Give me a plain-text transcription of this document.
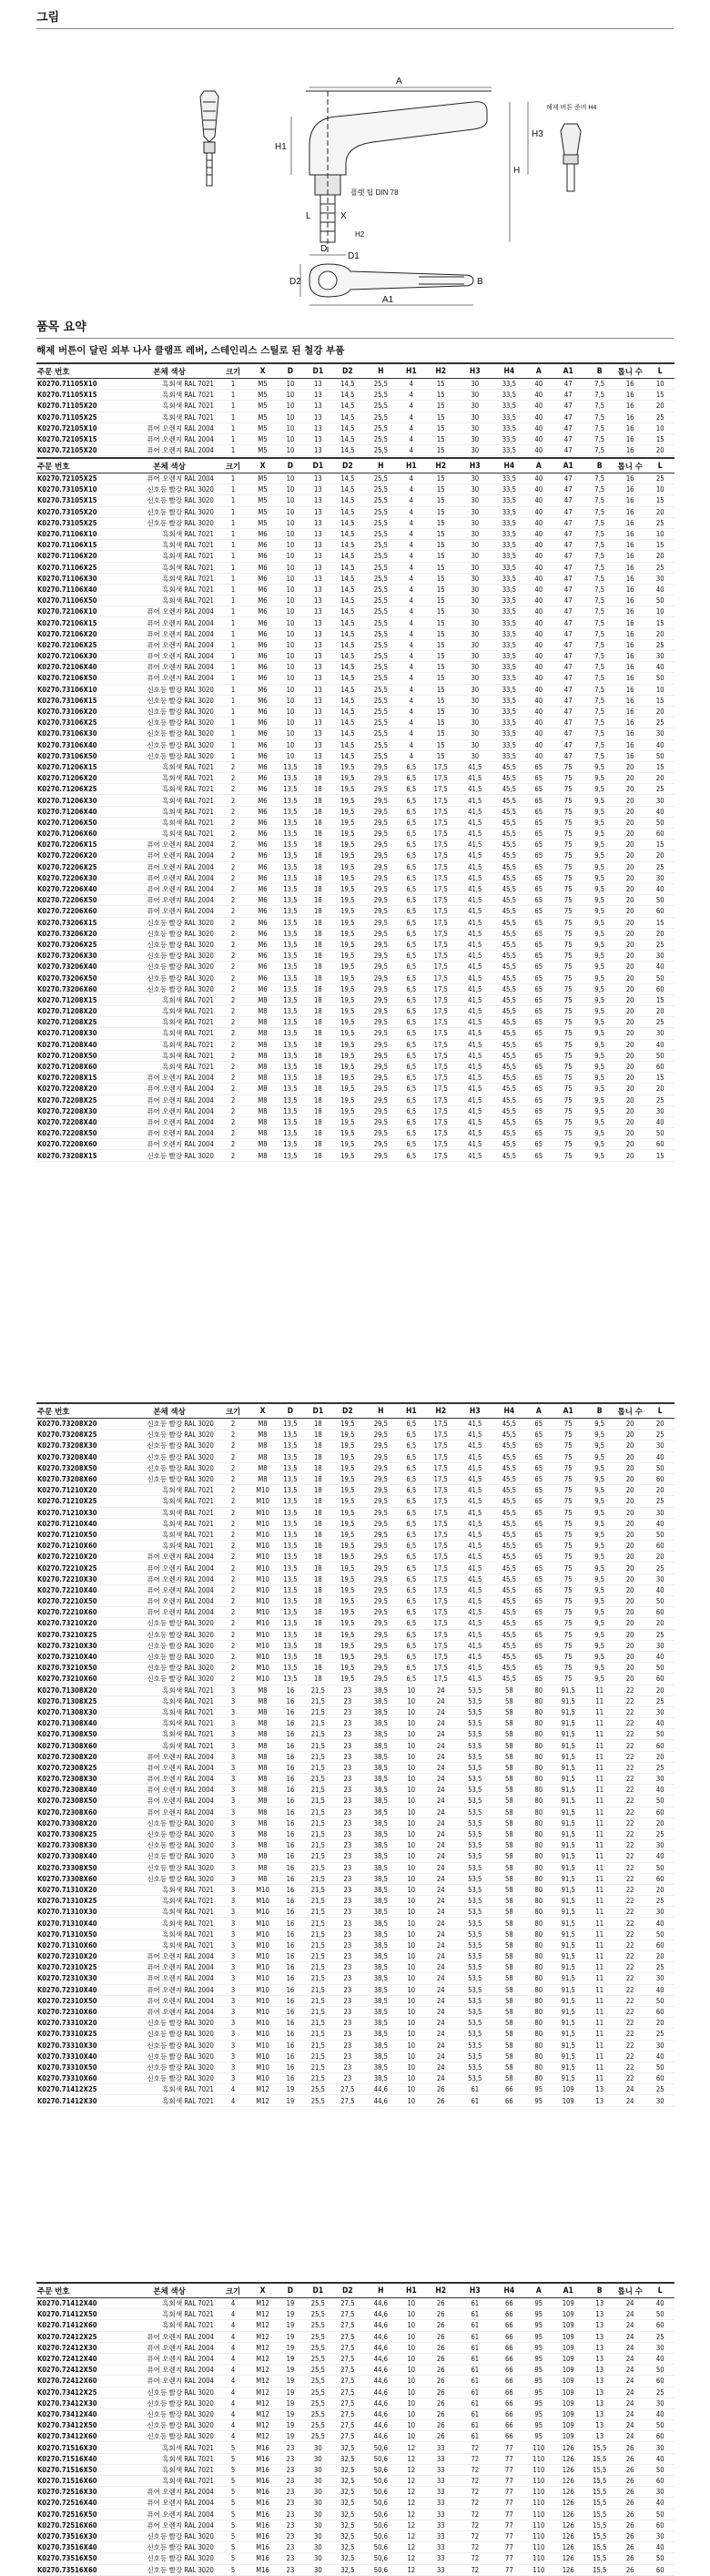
그림
A
H
H3
H1
L	X
D
D1
D2
A1
B
H2
해제 버튼 준비 H4
플랫 팁 DIN 78
품목 요약
해제 버튼이 달린 외부 나사 클램프 레버, 스테인리스 스틸로 된 철강 부품
주문 번호	본체 색상	크기	X	D	D1	D2	H	H1	H2	H3	H4	A	A1	B	톱니 수	L
K0270.71105X10	흑회색 RAL 7021	1	M5	10	13	14,5	25,5	4	15	30	33,5	40	47	7,5	16	10
K0270.71105X15	흑회색 RAL 7021	1	M5	10	13	14,5	25,5	4	15	30	33,5	40	47	7,5	16	15
K0270.71105X20	흑회색 RAL 7021	1	M5	10	13	14,5	25,5	4	15	30	33,5	40	47	7,5	16	20
K0270.71105X25	흑회색 RAL 7021	1	M5	10	13	14,5	25,5	4	15	30	33,5	40	47	7,5	16	25
K0270.72105X10	퓨어 오렌지 RAL 2004	1	M5	10	13	14,5	25,5	4	15	30	33,5	40	47	7,5	16	10
K0270.72105X15	퓨어 오렌지 RAL 2004	1	M5	10	13	14,5	25,5	4	15	30	33,5	40	47	7,5	16	15
K0270.72105X20	퓨어 오렌지 RAL 2004	1	M5	10	13	14,5	25,5	4	15	30	33,5	40	47	7,5	16	20
주문 번호	본체 색상	크기	X	D	D1	D2	H	H1	H2	H3	H4	A	A1	B	톱니 수	L
K0270.72105X25	퓨어 오렌지 RAL 2004	1	M5	10	13	14,5	25,5	4	15	30	33,5	40	47	7,5	16	25
K0270.73105X10	신호등 빨강 RAL 3020	1	M5	10	13	14,5	25,5	4	15	30	33,5	40	47	7,5	16	10
K0270.73105X15	신호등 빨강 RAL 3020	1	M5	10	13	14,5	25,5	4	15	30	33,5	40	47	7,5	16	15
K0270.73105X20	신호등 빨강 RAL 3020	1	M5	10	13	14,5	25,5	4	15	30	33,5	40	47	7,5	16	20
K0270.73105X25	신호등 빨강 RAL 3020	1	M5	10	13	14,5	25,5	4	15	30	33,5	40	47	7,5	16	25
K0270.71106X10	흑회색 RAL 7021	1	M6	10	13	14,5	25,5	4	15	30	33,5	40	47	7,5	16	10
K0270.71106X15	흑회색 RAL 7021	1	M6	10	13	14,5	25,5	4	15	30	33,5	40	47	7,5	16	15
K0270.71106X20	흑회색 RAL 7021	1	M6	10	13	14,5	25,5	4	15	30	33,5	40	47	7,5	16	20
K0270.71106X25	흑회색 RAL 7021	1	M6	10	13	14,5	25,5	4	15	30	33,5	40	47	7,5	16	25
K0270.71106X30	흑회색 RAL 7021	1	M6	10	13	14,5	25,5	4	15	30	33,5	40	47	7,5	16	30
K0270.71106X40	흑회색 RAL 7021	1	M6	10	13	14,5	25,5	4	15	30	33,5	40	47	7,5	16	40
K0270.71106X50	흑회색 RAL 7021	1	M6	10	13	14,5	25,5	4	15	30	33,5	40	47	7,5	16	50
K0270.72106X10	퓨어 오렌지 RAL 2004	1	M6	10	13	14,5	25,5	4	15	30	33,5	40	47	7,5	16	10
K0270.72106X15	퓨어 오렌지 RAL 2004	1	M6	10	13	14,5	25,5	4	15	30	33,5	40	47	7,5	16	15
K0270.72106X20	퓨어 오렌지 RAL 2004	1	M6	10	13	14,5	25,5	4	15	30	33,5	40	47	7,5	16	20
K0270.72106X25	퓨어 오렌지 RAL 2004	1	M6	10	13	14,5	25,5	4	15	30	33,5	40	47	7,5	16	25
K0270.72106X30	퓨어 오렌지 RAL 2004	1	M6	10	13	14,5	25,5	4	15	30	33,5	40	47	7,5	16	30
K0270.72106X40	퓨어 오렌지 RAL 2004	1	M6	10	13	14,5	25,5	4	15	30	33,5	40	47	7,5	16	40
K0270.72106X50	퓨어 오렌지 RAL 2004	1	M6	10	13	14,5	25,5	4	15	30	33,5	40	47	7,5	16	50
K0270.73106X10	신호등 빨강 RAL 3020	1	M6	10	13	14,5	25,5	4	15	30	33,5	40	47	7,5	16	10
K0270.73106X15	신호등 빨강 RAL 3020	1	M6	10	13	14,5	25,5	4	15	30	33,5	40	47	7,5	16	15
K0270.73106X20	신호등 빨강 RAL 3020	1	M6	10	13	14,5	25,5	4	15	30	33,5	40	47	7,5	16	20
K0270.73106X25	신호등 빨강 RAL 3020	1	M6	10	13	14,5	25,5	4	15	30	33,5	40	47	7,5	16	25
K0270.73106X30	신호등 빨강 RAL 3020	1	M6	10	13	14,5	25,5	4	15	30	33,5	40	47	7,5	16	30
K0270.73106X40	신호등 빨강 RAL 3020	1	M6	10	13	14,5	25,5	4	15	30	33,5	40	47	7,5	16	40
K0270.73106X50	신호등 빨강 RAL 3020	1	M6	10	13	14,5	25,5	4	15	30	33,5	40	47	7,5	16	50
K0270.71206X15	흑회색 RAL 7021	2	M6	13,5	18	19,5	29,5	6,5	17,5	41,5	45,5	65	75	9,5	20	15
K0270.71206X20	흑회색 RAL 7021	2	M6	13,5	18	19,5	29,5	6,5	17,5	41,5	45,5	65	75	9,5	20	20
K0270.71206X25	흑회색 RAL 7021	2	M6	13,5	18	19,5	29,5	6,5	17,5	41,5	45,5	65	75	9,5	20	25
K0270.71206X30	흑회색 RAL 7021	2	M6	13,5	18	19,5	29,5	6,5	17,5	41,5	45,5	65	75	9,5	20	30
K0270.71206X40	흑회색 RAL 7021	2	M6	13,5	18	19,5	29,5	6,5	17,5	41,5	45,5	65	75	9,5	20	40
K0270.71206X50	흑회색 RAL 7021	2	M6	13,5	18	19,5	29,5	6,5	17,5	41,5	45,5	65	75	9,5	20	50
K0270.71206X60	흑회색 RAL 7021	2	M6	13,5	18	19,5	29,5	6,5	17,5	41,5	45,5	65	75	9,5	20	60
K0270.72206X15	퓨어 오렌지 RAL 2004	2	M6	13,5	18	19,5	29,5	6,5	17,5	41,5	45,5	65	75	9,5	20	15
K0270.72206X20	퓨어 오렌지 RAL 2004	2	M6	13,5	18	19,5	29,5	6,5	17,5	41,5	45,5	65	75	9,5	20	20
K0270.72206X25	퓨어 오렌지 RAL 2004	2	M6	13,5	18	19,5	29,5	6,5	17,5	41,5	45,5	65	75	9,5	20	25
K0270.72206X30	퓨어 오렌지 RAL 2004	2	M6	13,5	18	19,5	29,5	6,5	17,5	41,5	45,5	65	75	9,5	20	30
K0270.72206X40	퓨어 오렌지 RAL 2004	2	M6	13,5	18	19,5	29,5	6,5	17,5	41,5	45,5	65	75	9,5	20	40
K0270.72206X50	퓨어 오렌지 RAL 2004	2	M6	13,5	18	19,5	29,5	6,5	17,5	41,5	45,5	65	75	9,5	20	50
K0270.72206X60	퓨어 오렌지 RAL 2004	2	M6	13,5	18	19,5	29,5	6,5	17,5	41,5	45,5	65	75	9,5	20	60
K0270.73206X15	신호등 빨강 RAL 3020	2	M6	13,5	18	19,5	29,5	6,5	17,5	41,5	45,5	65	75	9,5	20	15
K0270.73206X20	신호등 빨강 RAL 3020	2	M6	13,5	18	19,5	29,5	6,5	17,5	41,5	45,5	65	75	9,5	20	20
K0270.73206X25	신호등 빨강 RAL 3020	2	M6	13,5	18	19,5	29,5	6,5	17,5	41,5	45,5	65	75	9,5	20	25
K0270.73206X30	신호등 빨강 RAL 3020	2	M6	13,5	18	19,5	29,5	6,5	17,5	41,5	45,5	65	75	9,5	20	30
K0270.73206X40	신호등 빨강 RAL 3020	2	M6	13,5	18	19,5	29,5	6,5	17,5	41,5	45,5	65	75	9,5	20	40
K0270.73206X50	신호등 빨강 RAL 3020	2	M6	13,5	18	19,5	29,5	6,5	17,5	41,5	45,5	65	75	9,5	20	50
K0270.73206X60	신호등 빨강 RAL 3020	2	M6	13,5	18	19,5	29,5	6,5	17,5	41,5	45,5	65	75	9,5	20	60
K0270.71208X15	흑회색 RAL 7021	2	M8	13,5	18	19,5	29,5	6,5	17,5	41,5	45,5	65	75	9,5	20	15
K0270.71208X20	흑회색 RAL 7021	2	M8	13,5	18	19,5	29,5	6,5	17,5	41,5	45,5	65	75	9,5	20	20
K0270.71208X25	흑회색 RAL 7021	2	M8	13,5	18	19,5	29,5	6,5	17,5	41,5	45,5	65	75	9,5	20	25
K0270.71208X30	흑회색 RAL 7021	2	M8	13,5	18	19,5	29,5	6,5	17,5	41,5	45,5	65	75	9,5	20	30
K0270.71208X40	흑회색 RAL 7021	2	M8	13,5	18	19,5	29,5	6,5	17,5	41,5	45,5	65	75	9,5	20	40
K0270.71208X50	흑회색 RAL 7021	2	M8	13,5	18	19,5	29,5	6,5	17,5	41,5	45,5	65	75	9,5	20	50
K0270.71208X60	흑회색 RAL 7021	2	M8	13,5	18	19,5	29,5	6,5	17,5	41,5	45,5	65	75	9,5	20	60
K0270.72208X15	퓨어 오렌지 RAL 2004	2	M8	13,5	18	19,5	29,5	6,5	17,5	41,5	45,5	65	75	9,5	20	15
K0270.72208X20	퓨어 오렌지 RAL 2004	2	M8	13,5	18	19,5	29,5	6,5	17,5	41,5	45,5	65	75	9,5	20	20
K0270.72208X25	퓨어 오렌지 RAL 2004	2	M8	13,5	18	19,5	29,5	6,5	17,5	41,5	45,5	65	75	9,5	20	25
K0270.72208X30	퓨어 오렌지 RAL 2004	2	M8	13,5	18	19,5	29,5	6,5	17,5	41,5	45,5	65	75	9,5	20	30
K0270.72208X40	퓨어 오렌지 RAL 2004	2	M8	13,5	18	19,5	29,5	6,5	17,5	41,5	45,5	65	75	9,5	20	40
K0270.72208X50	퓨어 오렌지 RAL 2004	2	M8	13,5	18	19,5	29,5	6,5	17,5	41,5	45,5	65	75	9,5	20	50
K0270.72208X60	퓨어 오렌지 RAL 2004	2	M8	13,5	18	19,5	29,5	6,5	17,5	41,5	45,5	65	75	9,5	20	60
K0270.73208X15	신호등 빨강 RAL 3020	2	M8	13,5	18	19,5	29,5	6,5	17,5	41,5	45,5	65	75	9,5	20	15
주문 번호	본체 색상	크기	X	D	D1	D2	H	H1	H2	H3	H4	A	A1	B	톱니 수	L
K0270.73208X20	신호등 빨강 RAL 3020	2	M8	13,5	18	19,5	29,5	6,5	17,5	41,5	45,5	65	75	9,5	20	20
K0270.73208X25	신호등 빨강 RAL 3020	2	M8	13,5	18	19,5	29,5	6,5	17,5	41,5	45,5	65	75	9,5	20	25
K0270.73208X30	신호등 빨강 RAL 3020	2	M8	13,5	18	19,5	29,5	6,5	17,5	41,5	45,5	65	75	9,5	20	30
K0270.73208X40	신호등 빨강 RAL 3020	2	M8	13,5	18	19,5	29,5	6,5	17,5	41,5	45,5	65	75	9,5	20	40
K0270.73208X50	신호등 빨강 RAL 3020	2	M8	13,5	18	19,5	29,5	6,5	17,5	41,5	45,5	65	75	9,5	20	50
K0270.73208X60	신호등 빨강 RAL 3020	2	M8	13,5	18	19,5	29,5	6,5	17,5	41,5	45,5	65	75	9,5	20	60
K0270.71210X20	흑회색 RAL 7021	2	M10	13,5	18	19,5	29,5	6,5	17,5	41,5	45,5	65	75	9,5	20	20
K0270.71210X25	흑회색 RAL 7021	2	M10	13,5	18	19,5	29,5	6,5	17,5	41,5	45,5	65	75	9,5	20	25
K0270.71210X30	흑회색 RAL 7021	2	M10	13,5	18	19,5	29,5	6,5	17,5	41,5	45,5	65	75	9,5	20	30
K0270.71210X40	흑회색 RAL 7021	2	M10	13,5	18	19,5	29,5	6,5	17,5	41,5	45,5	65	75	9,5	20	40
K0270.71210X50	흑회색 RAL 7021	2	M10	13,5	18	19,5	29,5	6,5	17,5	41,5	45,5	65	75	9,5	20	50
K0270.71210X60	흑회색 RAL 7021	2	M10	13,5	18	19,5	29,5	6,5	17,5	41,5	45,5	65	75	9,5	20	60
K0270.72210X20	퓨어 오렌지 RAL 2004	2	M10	13,5	18	19,5	29,5	6,5	17,5	41,5	45,5	65	75	9,5	20	20
K0270.72210X25	퓨어 오렌지 RAL 2004	2	M10	13,5	18	19,5	29,5	6,5	17,5	41,5	45,5	65	75	9,5	20	25
K0270.72210X30	퓨어 오렌지 RAL 2004	2	M10	13,5	18	19,5	29,5	6,5	17,5	41,5	45,5	65	75	9,5	20	30
K0270.72210X40	퓨어 오렌지 RAL 2004	2	M10	13,5	18	19,5	29,5	6,5	17,5	41,5	45,5	65	75	9,5	20	40
K0270.72210X50	퓨어 오렌지 RAL 2004	2	M10	13,5	18	19,5	29,5	6,5	17,5	41,5	45,5	65	75	9,5	20	50
K0270.72210X60	퓨어 오렌지 RAL 2004	2	M10	13,5	18	19,5	29,5	6,5	17,5	41,5	45,5	65	75	9,5	20	60
K0270.73210X20	신호등 빨강 RAL 3020	2	M10	13,5	18	19,5	29,5	6,5	17,5	41,5	45,5	65	75	9,5	20	20
K0270.73210X25	신호등 빨강 RAL 3020	2	M10	13,5	18	19,5	29,5	6,5	17,5	41,5	45,5	65	75	9,5	20	25
K0270.73210X30	신호등 빨강 RAL 3020	2	M10	13,5	18	19,5	29,5	6,5	17,5	41,5	45,5	65	75	9,5	20	30
K0270.73210X40	신호등 빨강 RAL 3020	2	M10	13,5	18	19,5	29,5	6,5	17,5	41,5	45,5	65	75	9,5	20	40
K0270.73210X50	신호등 빨강 RAL 3020	2	M10	13,5	18	19,5	29,5	6,5	17,5	41,5	45,5	65	75	9,5	20	50
K0270.73210X60	신호등 빨강 RAL 3020	2	M10	13,5	18	19,5	29,5	6,5	17,5	41,5	45,5	65	75	9,5	20	60
K0270.71308X20	흑회색 RAL 7021	3	M8	16	21,5	23	38,5	10	24	53,5	58	80	91,5	11	22	20
K0270.71308X25	흑회색 RAL 7021	3	M8	16	21,5	23	38,5	10	24	53,5	58	80	91,5	11	22	25
K0270.71308X30	흑회색 RAL 7021	3	M8	16	21,5	23	38,5	10	24	53,5	58	80	91,5	11	22	30
K0270.71308X40	흑회색 RAL 7021	3	M8	16	21,5	23	38,5	10	24	53,5	58	80	91,5	11	22	40
K0270.71308X50	흑회색 RAL 7021	3	M8	16	21,5	23	38,5	10	24	53,5	58	80	91,5	11	22	50
K0270.71308X60	흑회색 RAL 7021	3	M8	16	21,5	23	38,5	10	24	53,5	58	80	91,5	11	22	60
K0270.72308X20	퓨어 오렌지 RAL 2004	3	M8	16	21,5	23	38,5	10	24	53,5	58	80	91,5	11	22	20
K0270.72308X25	퓨어 오렌지 RAL 2004	3	M8	16	21,5	23	38,5	10	24	53,5	58	80	91,5	11	22	25
K0270.72308X30	퓨어 오렌지 RAL 2004	3	M8	16	21,5	23	38,5	10	24	53,5	58	80	91,5	11	22	30
K0270.72308X40	퓨어 오렌지 RAL 2004	3	M8	16	21,5	23	38,5	10	24	53,5	58	80	91,5	11	22	40
K0270.72308X50	퓨어 오렌지 RAL 2004	3	M8	16	21,5	23	38,5	10	24	53,5	58	80	91,5	11	22	50
K0270.72308X60	퓨어 오렌지 RAL 2004	3	M8	16	21,5	23	38,5	10	24	53,5	58	80	91,5	11	22	60
K0270.73308X20	신호등 빨강 RAL 3020	3	M8	16	21,5	23	38,5	10	24	53,5	58	80	91,5	11	22	20
K0270.73308X25	신호등 빨강 RAL 3020	3	M8	16	21,5	23	38,5	10	24	53,5	58	80	91,5	11	22	25
K0270.73308X30	신호등 빨강 RAL 3020	3	M8	16	21,5	23	38,5	10	24	53,5	58	80	91,5	11	22	30
K0270.73308X40	신호등 빨강 RAL 3020	3	M8	16	21,5	23	38,5	10	24	53,5	58	80	91,5	11	22	40
K0270.73308X50	신호등 빨강 RAL 3020	3	M8	16	21,5	23	38,5	10	24	53,5	58	80	91,5	11	22	50
K0270.73308X60	신호등 빨강 RAL 3020	3	M8	16	21,5	23	38,5	10	24	53,5	58	80	91,5	11	22	60
K0270.71310X20	흑회색 RAL 7021	3	M10	16	21,5	23	38,5	10	24	53,5	58	80	91,5	11	22	20
K0270.71310X25	흑회색 RAL 7021	3	M10	16	21,5	23	38,5	10	24	53,5	58	80	91,5	11	22	25
K0270.71310X30	흑회색 RAL 7021	3	M10	16	21,5	23	38,5	10	24	53,5	58	80	91,5	11	22	30
K0270.71310X40	흑회색 RAL 7021	3	M10	16	21,5	23	38,5	10	24	53,5	58	80	91,5	11	22	40
K0270.71310X50	흑회색 RAL 7021	3	M10	16	21,5	23	38,5	10	24	53,5	58	80	91,5	11	22	50
K0270.71310X60	흑회색 RAL 7021	3	M10	16	21,5	23	38,5	10	24	53,5	58	80	91,5	11	22	60
K0270.72310X20	퓨어 오렌지 RAL 2004	3	M10	16	21,5	23	38,5	10	24	53,5	58	80	91,5	11	22	20
K0270.72310X25	퓨어 오렌지 RAL 2004	3	M10	16	21,5	23	38,5	10	24	53,5	58	80	91,5	11	22	25
K0270.72310X30	퓨어 오렌지 RAL 2004	3	M10	16	21,5	23	38,5	10	24	53,5	58	80	91,5	11	22	30
K0270.72310X40	퓨어 오렌지 RAL 2004	3	M10	16	21,5	23	38,5	10	24	53,5	58	80	91,5	11	22	40
K0270.72310X50	퓨어 오렌지 RAL 2004	3	M10	16	21,5	23	38,5	10	24	53,5	58	80	91,5	11	22	50
K0270.72310X60	퓨어 오렌지 RAL 2004	3	M10	16	21,5	23	38,5	10	24	53,5	58	80	91,5	11	22	60
K0270.73310X20	신호등 빨강 RAL 3020	3	M10	16	21,5	23	38,5	10	24	53,5	58	80	91,5	11	22	20
K0270.73310X25	신호등 빨강 RAL 3020	3	M10	16	21,5	23	38,5	10	24	53,5	58	80	91,5	11	22	25
K0270.73310X30	신호등 빨강 RAL 3020	3	M10	16	21,5	23	38,5	10	24	53,5	58	80	91,5	11	22	30
K0270.73310X40	신호등 빨강 RAL 3020	3	M10	16	21,5	23	38,5	10	24	53,5	58	80	91,5	11	22	40
K0270.73310X50	신호등 빨강 RAL 3020	3	M10	16	21,5	23	38,5	10	24	53,5	58	80	91,5	11	22	50
K0270.73310X60	신호등 빨강 RAL 3020	3	M10	16	21,5	23	38,5	10	24	53,5	58	80	91,5	11	22	60
K0270.71412X25	흑회색 RAL 7021	4	M12	19	25,5	27,5	44,6	10	26	61	66	95	109	13	24	25
K0270.71412X30	흑회색 RAL 7021	4	M12	19	25,5	27,5	44,6	10	26	61	66	95	109	13	24	30
주문 번호	본체 색상	크기	X	D	D1	D2	H	H1	H2	H3	H4	A	A1	B	톱니 수	L
K0270.71412X40	흑회색 RAL 7021	4	M12	19	25,5	27,5	44,6	10	26	61	66	95	109	13	24	40
K0270.71412X50	흑회색 RAL 7021	4	M12	19	25,5	27,5	44,6	10	26	61	66	95	109	13	24	50
K0270.71412X60	흑회색 RAL 7021	4	M12	19	25,5	27,5	44,6	10	26	61	66	95	109	13	24	60
K0270.72412X25	퓨어 오렌지 RAL 2004	4	M12	19	25,5	27,5	44,6	10	26	61	66	95	109	13	24	25
K0270.72412X30	퓨어 오렌지 RAL 2004	4	M12	19	25,5	27,5	44,6	10	26	61	66	95	109	13	24	30
K0270.72412X40	퓨어 오렌지 RAL 2004	4	M12	19	25,5	27,5	44,6	10	26	61	66	95	109	13	24	40
K0270.72412X50	퓨어 오렌지 RAL 2004	4	M12	19	25,5	27,5	44,6	10	26	61	66	95	109	13	24	50
K0270.72412X60	퓨어 오렌지 RAL 2004	4	M12	19	25,5	27,5	44,6	10	26	61	66	95	109	13	24	60
K0270.73412X25	신호등 빨강 RAL 3020	4	M12	19	25,5	27,5	44,6	10	26	61	66	95	109	13	24	25
K0270.73412X30	신호등 빨강 RAL 3020	4	M12	19	25,5	27,5	44,6	10	26	61	66	95	109	13	24	30
K0270.73412X40	신호등 빨강 RAL 3020	4	M12	19	25,5	27,5	44,6	10	26	61	66	95	109	13	24	40
K0270.73412X50	신호등 빨강 RAL 3020	4	M12	19	25,5	27,5	44,6	10	26	61	66	95	109	13	24	50
K0270.73412X60	신호등 빨강 RAL 3020	4	M12	19	25,5	27,5	44,6	10	26	61	66	95	109	13	24	60
K0270.71516X30	흑회색 RAL 7021	5	M16	23	30	32,5	50,6	12	33	72	77	110	126	15,5	26	30
K0270.71516X40	흑회색 RAL 7021	5	M16	23	30	32,5	50,6	12	33	72	77	110	126	15,5	26	40
K0270.71516X50	흑회색 RAL 7021	5	M16	23	30	32,5	50,6	12	33	72	77	110	126	15,5	26	50
K0270.71516X60	흑회색 RAL 7021	5	M16	23	30	32,5	50,6	12	33	72	77	110	126	15,5	26	60
K0270.72516X30	퓨어 오렌지 RAL 2004	5	M16	23	30	32,5	50,6	12	33	72	77	110	126	15,5	26	30
K0270.72516X40	퓨어 오렌지 RAL 2004	5	M16	23	30	32,5	50,6	12	33	72	77	110	126	15,5	26	40
K0270.72516X50	퓨어 오렌지 RAL 2004	5	M16	23	30	32,5	50,6	12	33	72	77	110	126	15,5	26	50
K0270.72516X60	퓨어 오렌지 RAL 2004	5	M16	23	30	32,5	50,6	12	33	72	77	110	126	15,5	26	60
K0270.73516X30	신호등 빨강 RAL 3020	5	M16	23	30	32,5	50,6	12	33	72	77	110	126	15,5	26	30
K0270.73516X40	신호등 빨강 RAL 3020	5	M16	23	30	32,5	50,6	12	33	72	77	110	126	15,5	26	40
K0270.73516X50	신호등 빨강 RAL 3020	5	M16	23	30	32,5	50,6	12	33	72	77	110	126	15,5	26	50
K0270.73516X60	신호등 빨강 RAL 3020	5	M16	23	30	32,5	50,6	12	33	72	77	110	126	15,5	26	60
